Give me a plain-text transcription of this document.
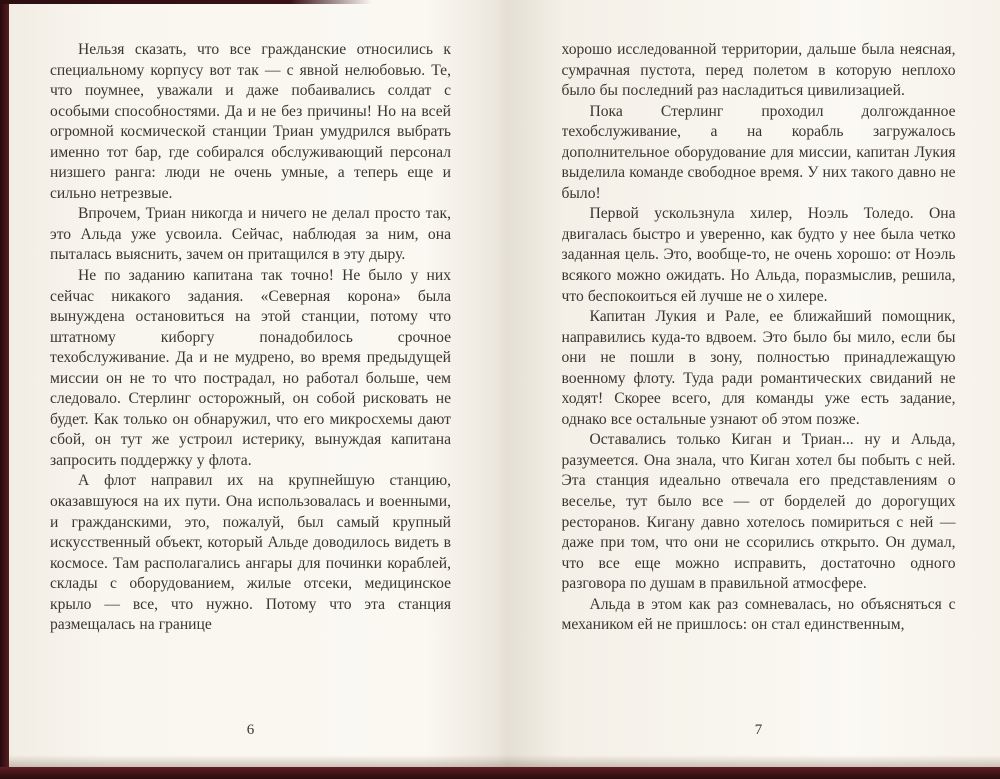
Нельзя сказать, что все гражданские относились к специальному корпусу вот так — с явной нелюбовью. Те, что поумнее, уважали и даже побаивались солдат с особыми способностями. Да и не без причины! Но на всей огромной космической станции Триан умудрился выбрать именно тот бар, где собирался обслуживающий персонал низшего ранга: люди не очень умные, а теперь еще и сильно нетрезвые.

Впрочем, Триан никогда и ничего не делал просто так, это Альда уже усвоила. Сейчас, наблюдая за ним, она пыталась выяснить, зачем он притащился в эту дыру.

Не по заданию капитана так точно! Не было у них сейчас никакого задания. «Северная корона» была вынуждена остановиться на этой станции, потому что штатному киборгу понадобилось срочное техобслуживание. Да и не мудрено, во время предыдущей миссии он не то что пострадал, но работал больше, чем следовало. Стерлинг осторожный, он собой рисковать не будет. Как только он обнаружил, что его микросхемы дают сбой, он тут же устроил истерику, вынуждая капитана запросить поддержку у флота.

А флот направил их на крупнейшую станцию, оказавшуюся на их пути. Она использовалась и военными, и гражданскими, это, пожалуй, был самый крупный искусственный объект, который Альде доводилось видеть в космосе. Там располагались ангары для починки кораблей, склады с оборудованием, жилые отсеки, медицинское крыло — все, что нужно. Потому что эта станция размещалась на границе

6

хорошо исследованной территории, дальше была неясная, сумрачная пустота, перед полетом в которую неплохо было бы последний раз насладиться цивилизацией.

Пока Стерлинг проходил долгожданное техобслуживание, а на корабль загружалось дополнительное оборудование для миссии, капитан Лукия выделила команде свободное время. У них такого давно не было!

Первой ускользнула хилер, Ноэль Толедо. Она двигалась быстро и уверенно, как будто у нее была четко заданная цель. Это, вообще-то, не очень хорошо: от Ноэль всякого можно ожидать. Но Альда, поразмыслив, решила, что беспокоиться ей лучше не о хилере.

Капитан Лукия и Рале, ее ближайший помощник, направились куда-то вдвоем. Это было бы мило, если бы они не пошли в зону, полностью принадлежащую военному флоту. Туда ради романтических свиданий не ходят! Скорее всего, для команды уже есть задание, однако все остальные узнают об этом позже.

Оставались только Киган и Триан... ну и Альда, разумеется. Она знала, что Киган хотел бы побыть с ней. Эта станция идеально отвечала его представлениям о веселье, тут было все — от борделей до дорогущих ресторанов. Кигану давно хотелось помириться с ней — даже при том, что они не ссорились открыто. Он думал, что все еще можно исправить, достаточно одного разговора по душам в правильной атмосфере.

Альда в этом как раз сомневалась, но объясняться с механиком ей не пришлось: он стал единственным,

7
